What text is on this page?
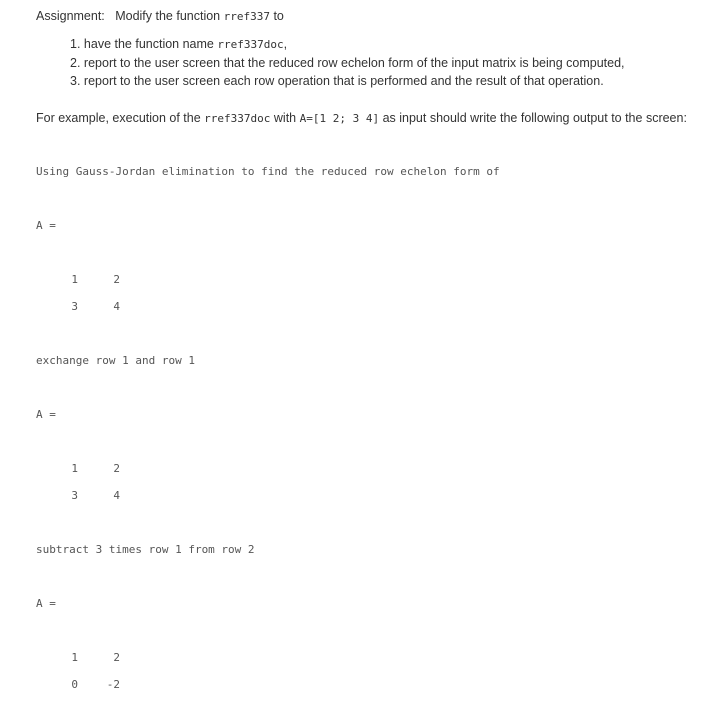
Assignment: Modify the function rref337 to
1. have the function name rref337doc,
2. report to the user screen that the reduced row echelon form of the input matrix is being computed,
3. report to the user screen each row operation that is performed and the result of that operation.
For example, execution of the rref337doc with A=[1 2; 3 4] as input should write the following output to the screen:
Using Gauss-Jordan elimination to find the reduced row echelon form of
A =
1	2
3	4
exchange row 1 and row 1
A =
1	2
3	4
subtract 3 times row 1 from row 2
A =
1	2
0	-2
